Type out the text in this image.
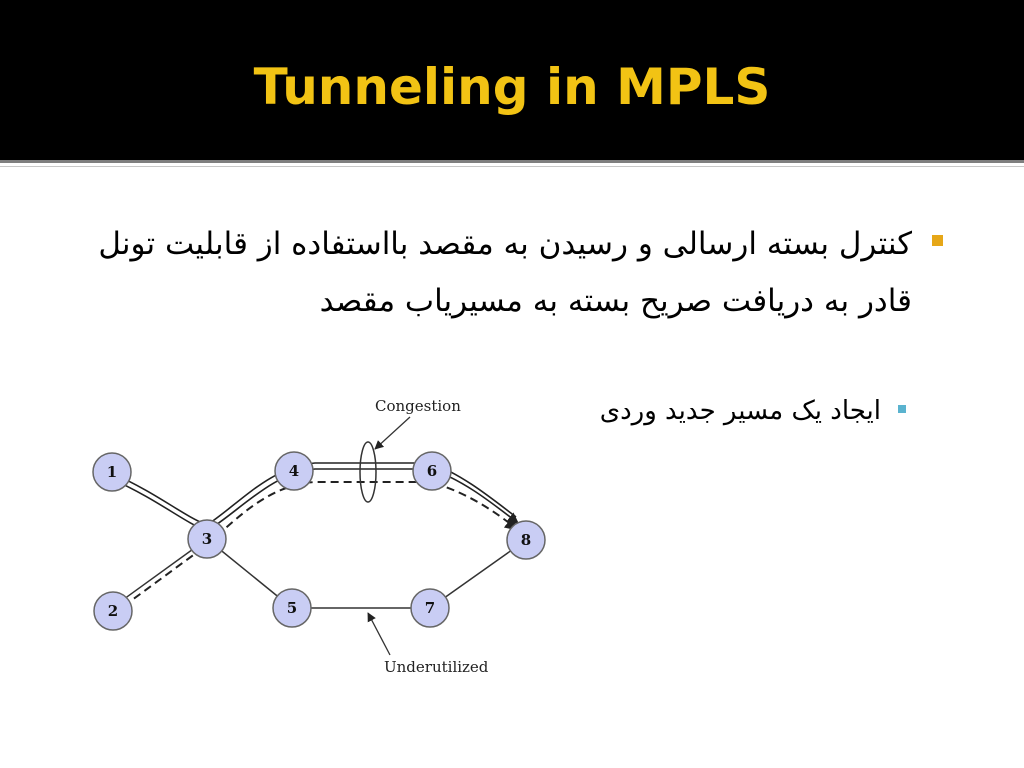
Tunneling in MPLS
کنترل بسته ارسالی و رسیدن به مقصد بااستفاده از قابلیت تونل قادر به دریافت صریح بسته به مسیریاب مقصد
ایجاد یک مسیر جدید وردی
Congestion
Underutilized
1
2
3
4
5
6
7
8
